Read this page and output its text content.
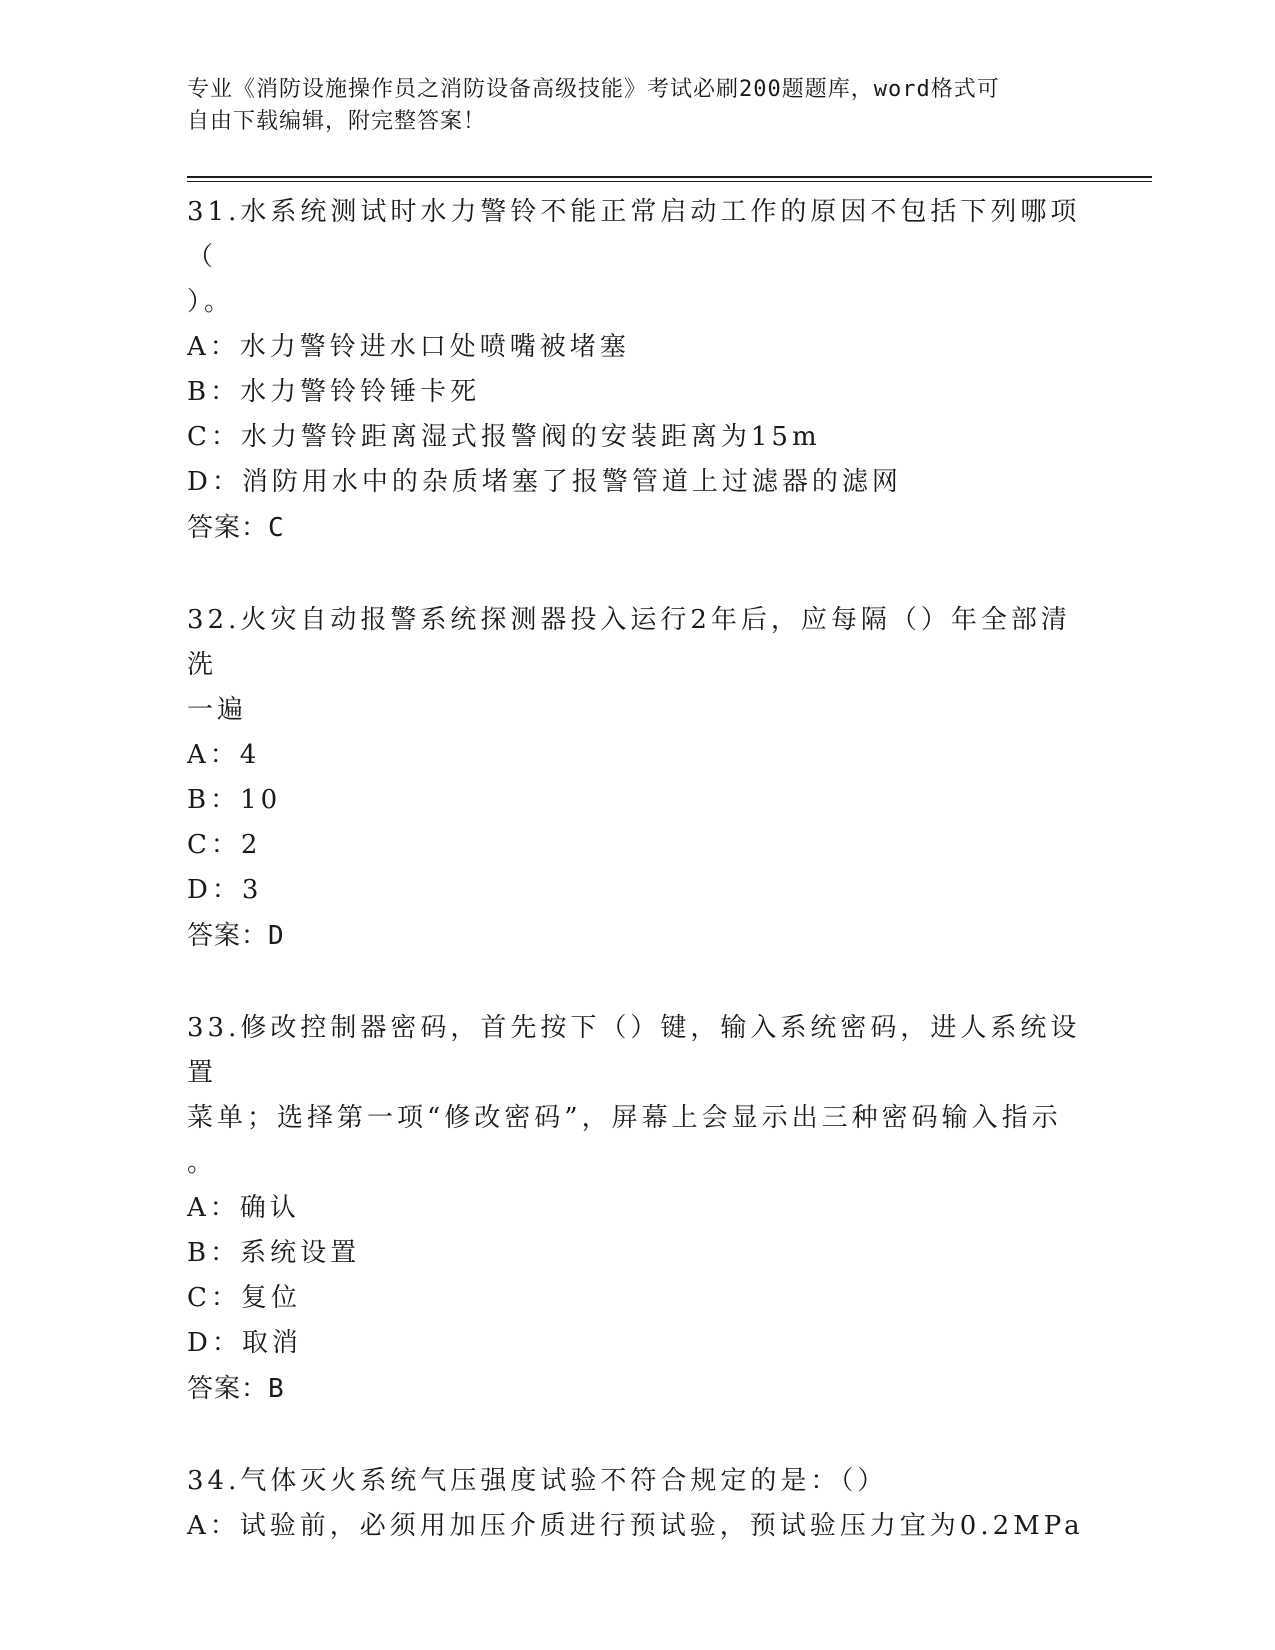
专业《消防设施操作员之消防设备高级技能》考试必刷200题题库，word格式可
自由下载编辑，附完整答案！
31.水系统测试时水力警铃不能正常启动工作的原因不包括下列哪项（
）。
A：水力警铃进水口处喷嘴被堵塞
B：水力警铃铃锤卡死
C：水力警铃距离湿式报警阀的安装距离为15m
D：消防用水中的杂质堵塞了报警管道上过滤器的滤网
答案：C
32.火灾自动报警系统探测器投入运行2年后，应每隔（）年全部清洗
一遍
A：4
B：10
C：2
D：3
答案：D
33.修改控制器密码，首先按下（）键，输入系统密码，进人系统设置
菜单；选择第一项“修改密码”，屏幕上会显示出三种密码输入指示
。
A：确认
B：系统设置
C：复位
D：取消
答案：B
34.气体灭火系统气压强度试验不符合规定的是：（）
A：试验前，必须用加压介质进行预试验，预试验压力宜为0.2MPa
